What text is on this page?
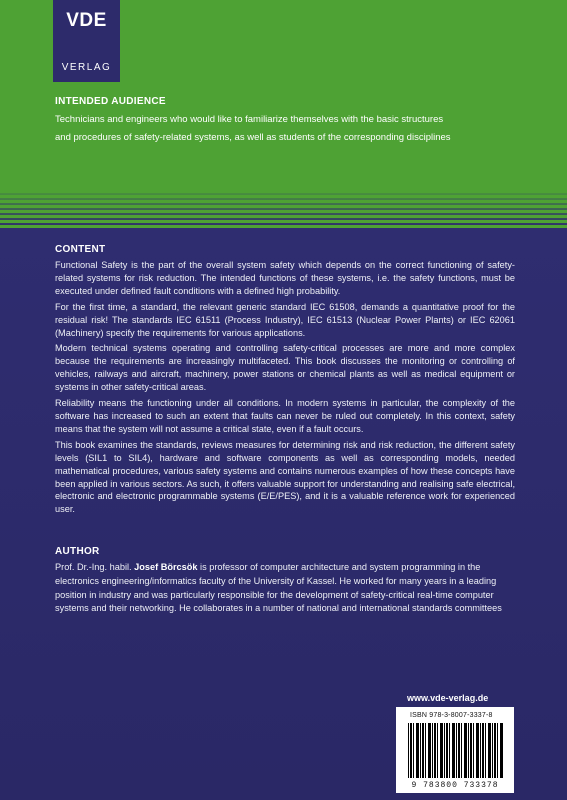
VDE
VERLAG
INTENDED AUDIENCE

Technicians and engineers who would like to familiarize themselves with the basic structures

and procedures of safety-related systems, as well as students of the corresponding disciplines

CONTENT

Functional Safety is the part of the overall system safety which depends on the correct functioning of safety-related systems for risk reduction. The intended functions of these systems, i.e. the safety functions, must be executed under defined fault conditions with a defined high probability.

For the first time, a standard, the relevant generic standard IEC 61508, demands a quantitative proof for the residual risk! The standards IEC 61511 (Process Industry), IEC 61513 (Nuclear Power Plants) or IEC 62061 (Machinery) specify the requirements for various applications.

Modern technical systems operating and controlling safety-critical processes are more and more complex because the requirements are increasingly multifaceted. This book discusses the monitoring or controlling of vehicles, railways and aircraft, machinery, power stations or chemical plants as well as medical equipment or systems in other safety-critical areas.

Reliability means the functioning under all conditions. In modern systems in particular, the complexity of the software has increased to such an extent that faults can never be ruled out completely. In this context, safety means that the system will not assume a critical state, even if a fault occurs.

This book examines the standards, reviews measures for determining risk and risk reduction, the different safety levels (SIL1 to SIL4), hardware and software components as well as corresponding models, needed mathematical procedures, various safety systems and contains numerous examples of how these concepts have been applied in various sectors. As such, it offers valuable support for understanding and realising safe electrical, electronic and electronic programmable systems (E/E/PES), and it is a valuable reference work for experienced user.

AUTHOR

Prof. Dr.-Ing. habil. Josef Börcsök is professor of computer architecture and system programming in the electronics engineering/informatics faculty of the University of Kassel. He worked for many years in a leading position in industry and was particularly responsible for the development of safety-critical real-time computer systems and their networking. He collaborates in a number of national and international standards committees

www.vde-verlag.de
ISBN 978-3-8007-3337-8
9 783800 733378
